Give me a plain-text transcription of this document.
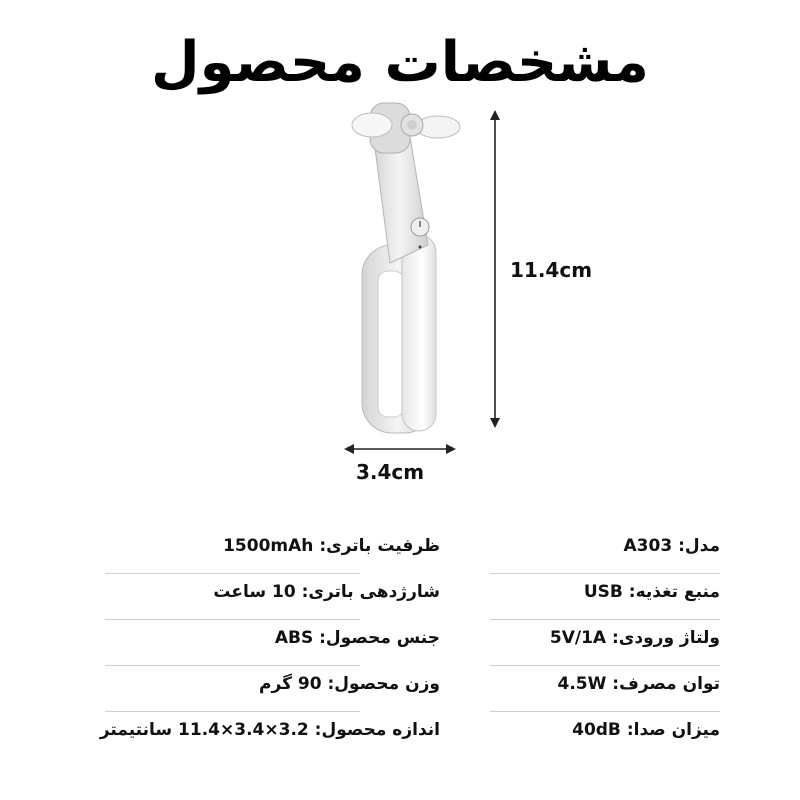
مشخصات محصول
11.4cm
3.4cm
مدل: A303
ظرفیت باتری: 1500mAh
منبع تغذیه: USB
شارژدهی باتری: 10 ساعت
ولتاژ ورودی: 5V/1A
جنس محصول: ABS
توان مصرف: 4.5W
وزن محصول: 90 گرم
میزان صدا: 40dB
اندازه محصول: 3.2×3.4×11.4 سانتیمتر
